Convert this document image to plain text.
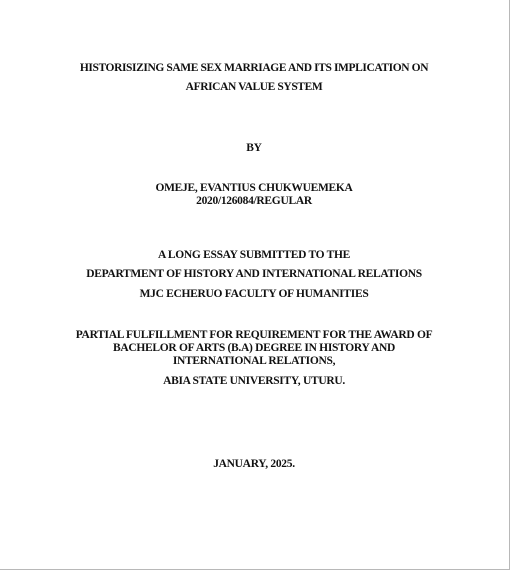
HISTORISIZING SAME SEX MARRIAGE AND ITS IMPLICATION ON
AFRICAN VALUE SYSTEM
BY
OMEJE, EVANTIUS CHUKWUEMEKA
2020/126084/REGULAR
A LONG ESSAY SUBMITTED TO THE
DEPARTMENT OF HISTORY AND INTERNATIONAL RELATIONS
MJC ECHERUO FACULTY OF HUMANITIES
PARTIAL FULFILLMENT FOR REQUIREMENT FOR THE AWARD OF
BACHELOR OF ARTS (B.A) DEGREE IN HISTORY AND
INTERNATIONAL RELATIONS,
ABIA STATE UNIVERSITY, UTURU.
JANUARY, 2025.
